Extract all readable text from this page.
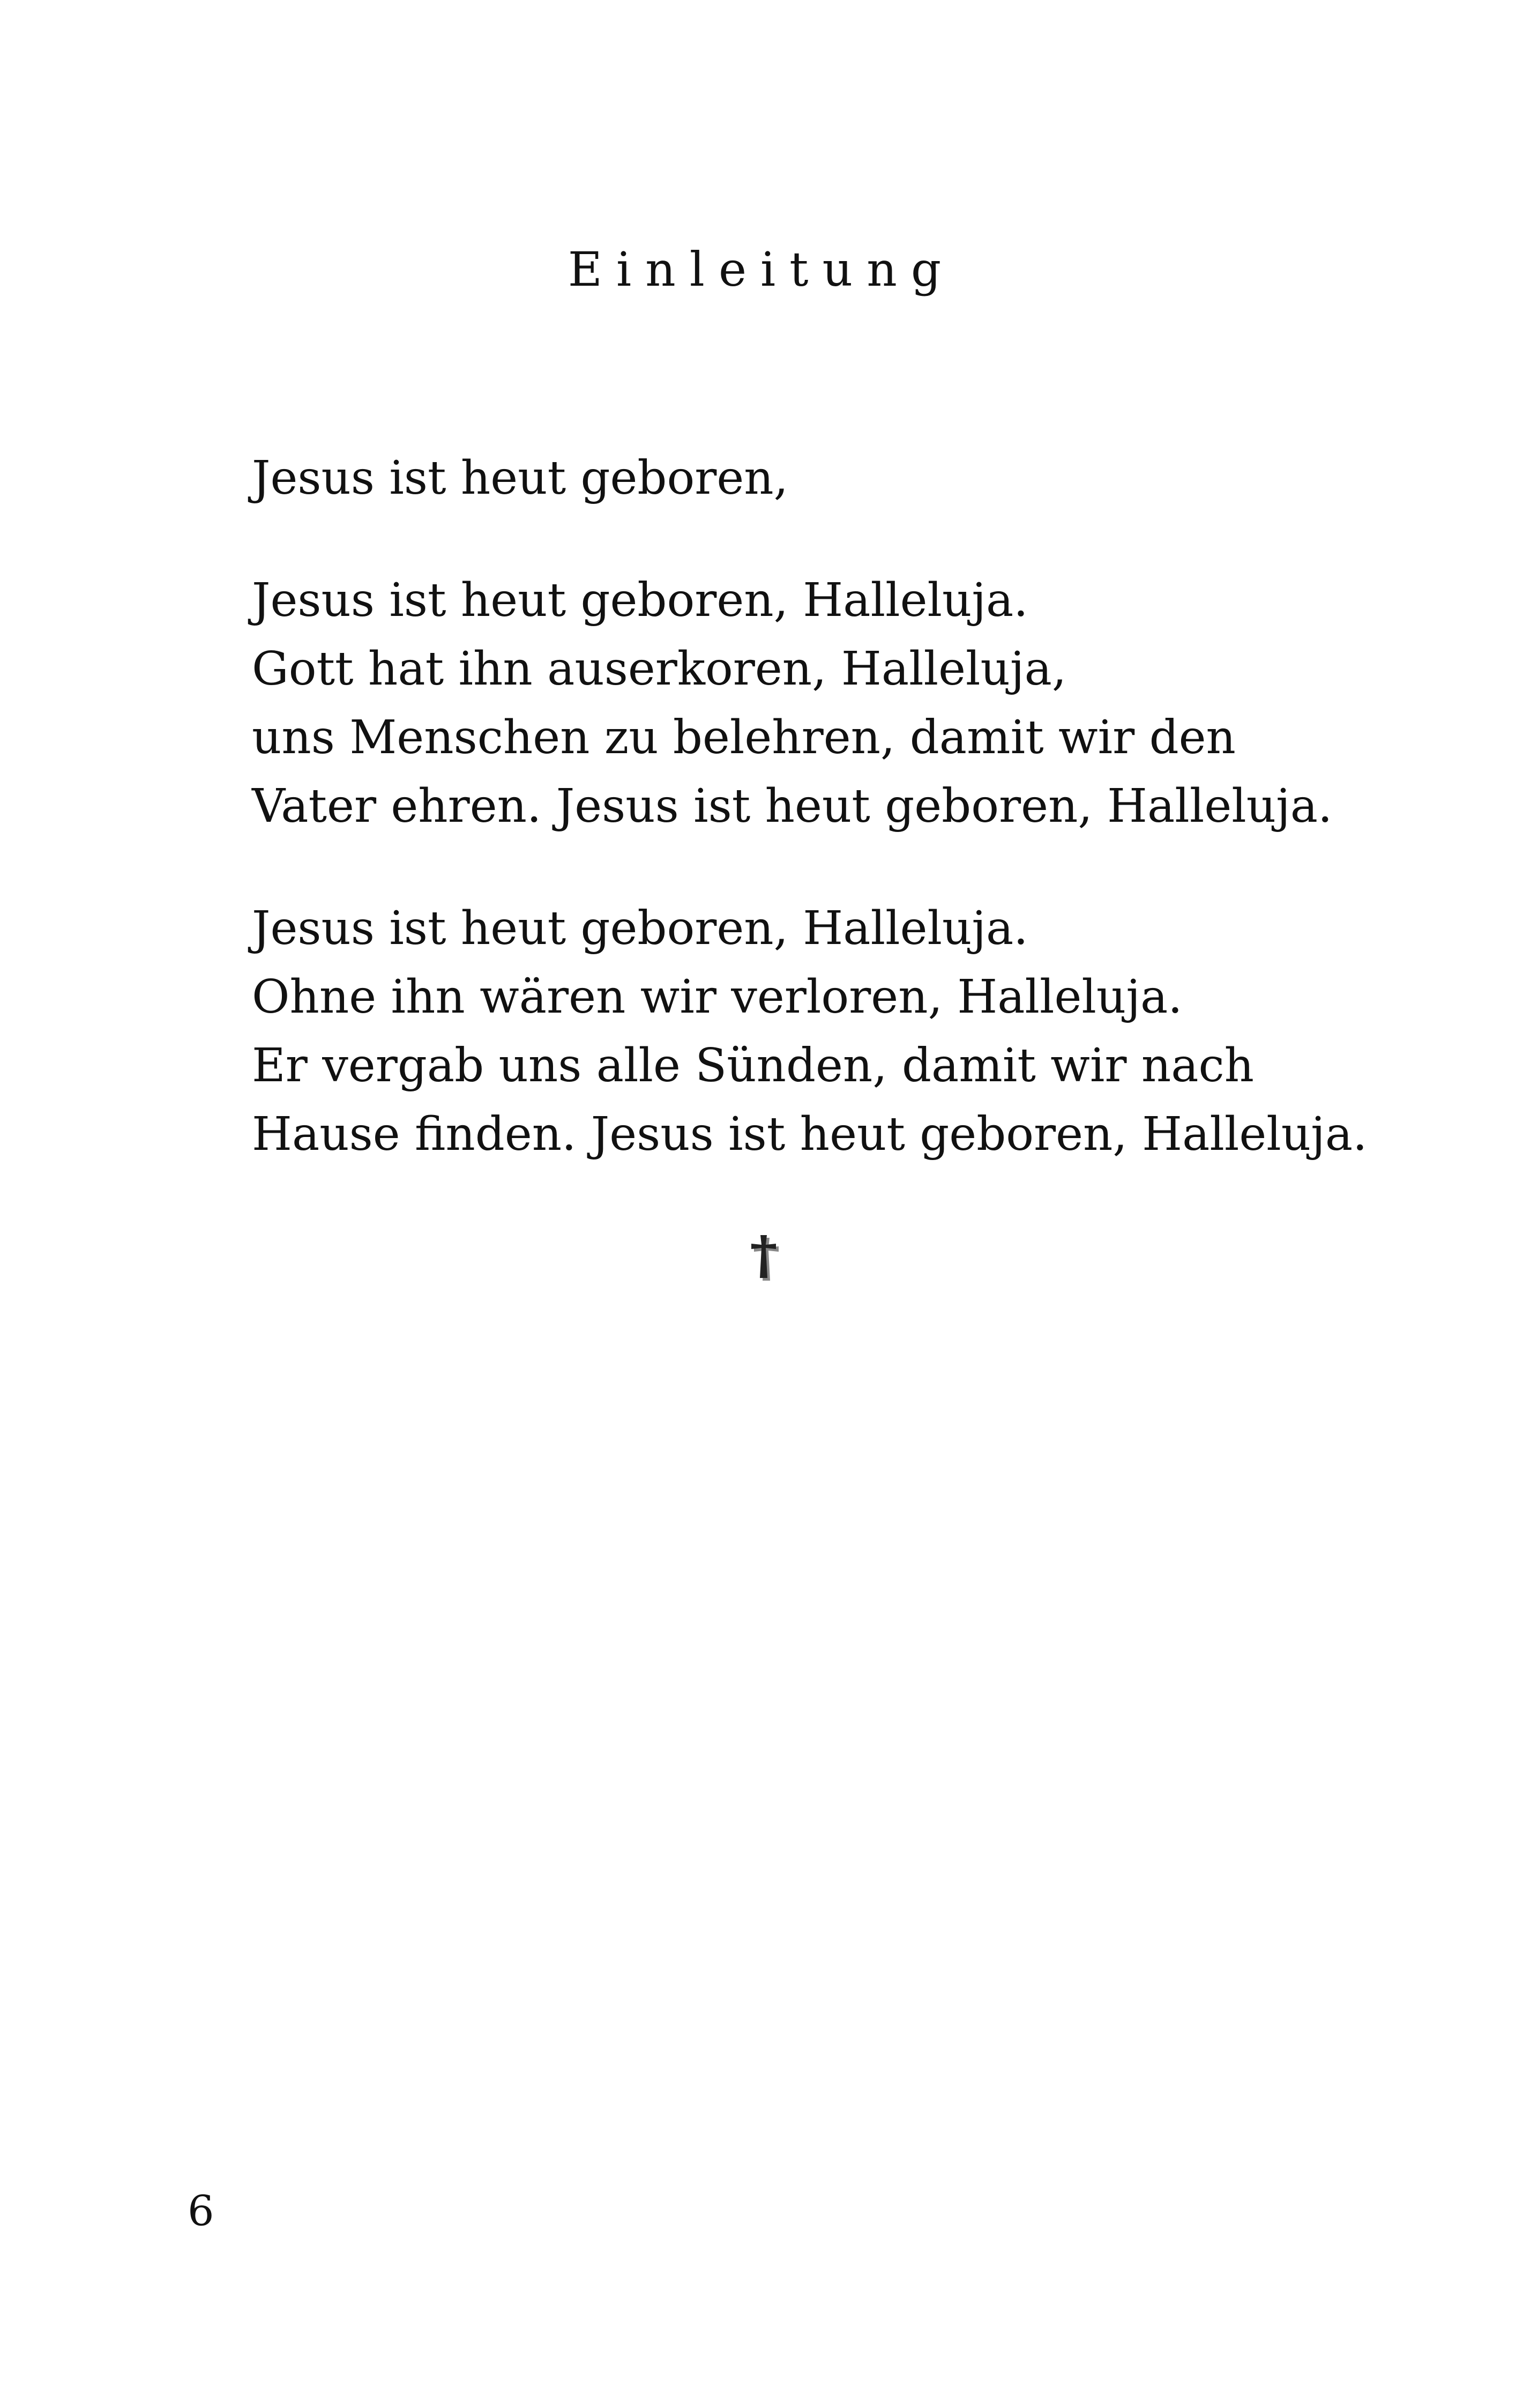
Einleitung

Jesus ist heut geboren,

Jesus ist heut geboren, Halleluja.
Gott hat ihn auserkoren, Halleluja,
uns Menschen zu belehren, damit wir den
Vater ehren. Jesus ist heut geboren, Halleluja.

Jesus ist heut geboren, Halleluja.
Ohne ihn wären wir verloren, Halleluja.
Er vergab uns alle Sünden, damit wir nach
Hause finden. Jesus ist heut geboren, Halleluja.

6
